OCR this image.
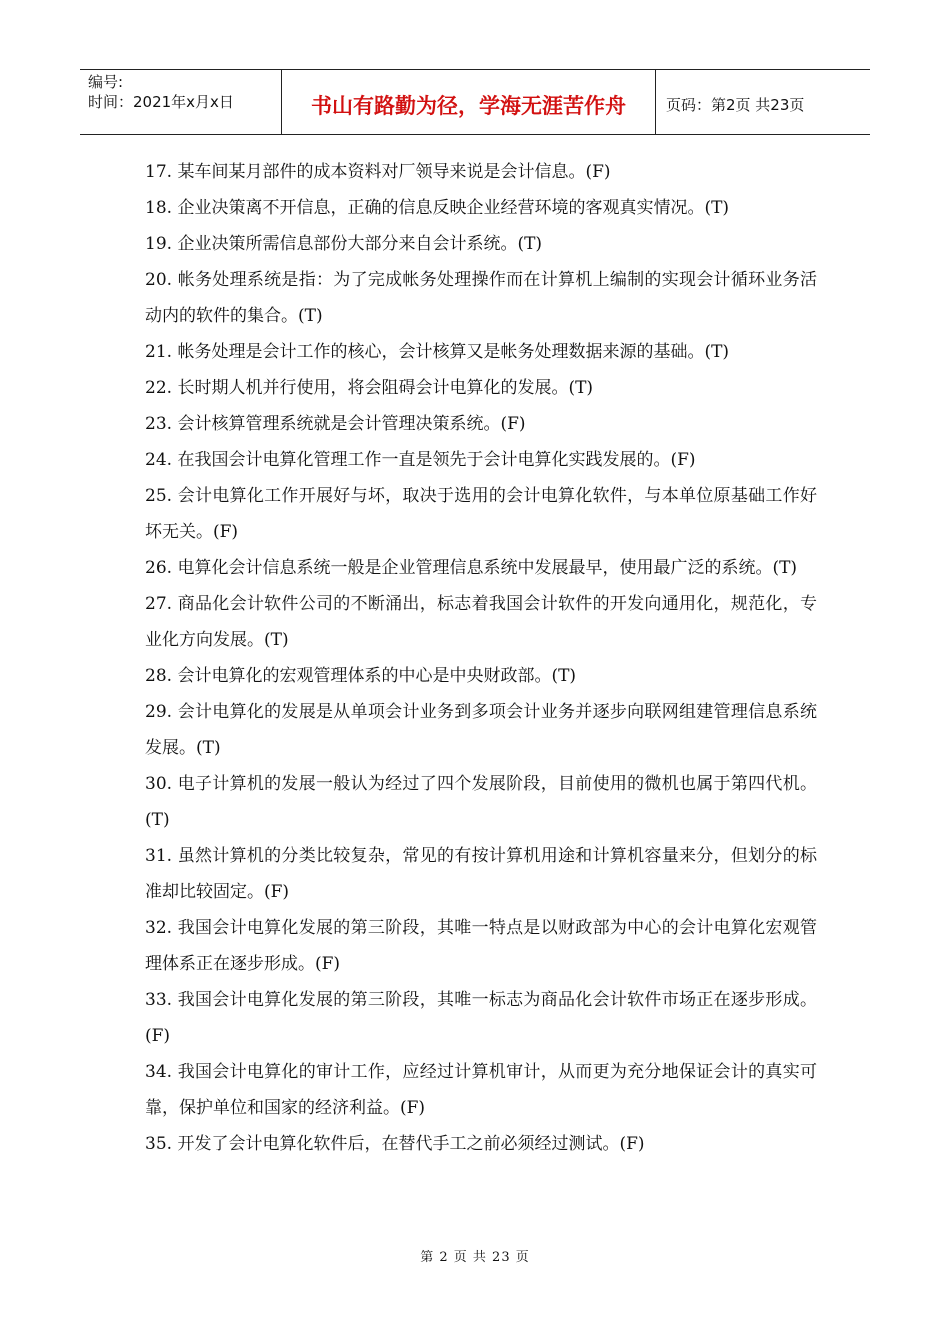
编号:
时间：2021年x月x日	书山有路勤为径，学海无涯苦作舟	页码：第2页 共23页

17. 某车间某月部件的成本资料对厂领导来说是会计信息。(F)

18. 企业决策离不开信息，正确的信息反映企业经营环境的客观真实情况。(T)

19. 企业决策所需信息部份大部分来自会计系统。(T)

20. 帐务处理系统是指：为了完成帐务处理操作而在计算机上编制的实现会计循环业务活动内的软件的集合。(T)

21. 帐务处理是会计工作的核心，会计核算又是帐务处理数据来源的基础。(T)

22. 长时期人机并行使用，将会阻碍会计电算化的发展。(T)

23. 会计核算管理系统就是会计管理决策系统。(F)

24. 在我国会计电算化管理工作一直是领先于会计电算化实践发展的。(F)

25. 会计电算化工作开展好与坏，取决于选用的会计电算化软件，与本单位原基础工作好坏无关。(F)

26. 电算化会计信息系统一般是企业管理信息系统中发展最早，使用最广泛的系统。(T)

27. 商品化会计软件公司的不断涌出，标志着我国会计软件的开发向通用化，规范化，专业化方向发展。(T)

28. 会计电算化的宏观管理体系的中心是中央财政部。(T)

29. 会计电算化的发展是从单项会计业务到多项会计业务并逐步向联网组建管理信息系统发展。(T)

30. 电子计算机的发展一般认为经过了四个发展阶段，目前使用的微机也属于第四代机。(T)

31. 虽然计算机的分类比较复杂，常见的有按计算机用途和计算机容量来分，但划分的标准却比较固定。(F)

32. 我国会计电算化发展的第三阶段，其唯一特点是以财政部为中心的会计电算化宏观管理体系正在逐步形成。(F)

33. 我国会计电算化发展的第三阶段，其唯一标志为商品化会计软件市场正在逐步形成。(F)

34. 我国会计电算化的审计工作，应经过计算机审计，从而更为充分地保证会计的真实可靠，保护单位和国家的经济利益。(F)

35. 开发了会计电算化软件后，在替代手工之前必须经过测试。(F)

第 2 页 共 23 页
